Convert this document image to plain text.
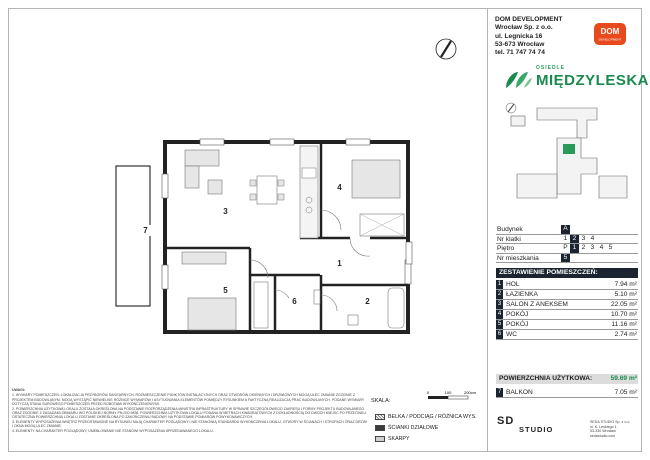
1
2
3
4
5
6
7
DOM DEVELOPMENT
Wrocław Sp. z o.o.
ul. Legnicka 16
53-673 Wrocław
tel. 71 747 74 74
DOM
DEVELOPMENT
OSIEDLE
MIĘDZYLESKA
Budynek	A
Nr klatki	1 2 3 4
Piętro	P 1 2 3 4 5
Nr mieszkania	5
ZESTAWIENIE POMIESZCZEŃ:
1 HOL	7.94 m²
2 ŁAZIENKA	5.10 m²
3 SALON Z ANEKSEM	22.05 m²
4 POKÓJ	10.70 m²
5 POKÓJ	11.16 m²
6 WC	2.74 m²
POWIERZCHNIA UŻYTKOWA:	59.69 m²
7 BALKON	7.05 m²
UWAGI:
1. WYMIARY POMIESZCZEŃ, LOKALIZACJA PRZYBORÓW SANITARNYCH, ROZMIESZCZENIE PUNKTÓW INSTALACYJNYCH ORAZ OTWORÓW OKIENNYCH I DRZWIOWYCH MOGĄ ULEC ZMIANIE ZGODNIE Z PROJEKTEM BUDOWLANYM. MOGĄ WYSTĄPIĆ NIEWIELKIE RÓŻNICE WYMIARÓW I USYTUOWANIA ELEMENTÓW POMIĘDZY RYSUNKIEM A FAKTYCZNĄ REALIZACJĄ PRAC BUDOWLANYCH. PODANE WYMIARY DOTYCZĄ STANU SUROWEGO POMIESZCZEŃ PRZED ROBOTAMI WYKOŃCZENIOWYMI.
2. POWIERZCHNIA UŻYTKOWA LOKALU ZOSTAŁA OKREŚLONA NA PODSTAWIE ROZPORZĄDZENIA MINISTRA INFRASTRUKTURY W SPRAWIE SZCZEGÓŁOWEGO ZAKRESU I FORMY PROJEKTU BUDOWLANEGO ORAZ ZGODNIE Z ZASADAMI OBMIARU WG POLSKIEJ NORMY PN-ISO 9836. POWIERZCHNIA UŻYTKOWA LOKALU PODANA W METRACH KWADRATOWYCH Z DOKŁADNOŚCIĄ DO DWÓCH MIEJSC PO PRZECINKU. OSTATECZNA POWIERZCHNIA LOKALU ZOSTANIE OKREŚLONA PO ZAKOŃCZENIU BUDOWY NA PODSTAWIE POMIARÓW POWYKONAWCZYCH.
3. ELEMENTY WYPOSAŻENIA WNĘTRZ PRZEDSTAWIONE NA RYSUNKU MAJĄ CHARAKTER POGLĄDOWY I NIE STANOWIĄ STANDARDU WYKOŃCZENIA LOKALU. OTWORY W ŚCIANACH I STROPACH ORAZ DRZWI I OKNA MOGĄ ULEC ZMIANIE.
4. ELEMENTY NA CHARAKTER POGLĄDOWY, UMEBLOWANIE NIE STANOWI WYPOSAŻENIA SPRZEDAWANEGO LOKALU.
SKALA:
0	100	200cm
BELKA / PODCIĄG / RÓŻNICA WYS.
ŚCIANKI DZIAŁOWE
SKARPY
SD
STUDIO
SEDA STUDIO Sp. z o.o.
ul. K. Leskiego 1
53-330 Wrocław
sedastudio.com
